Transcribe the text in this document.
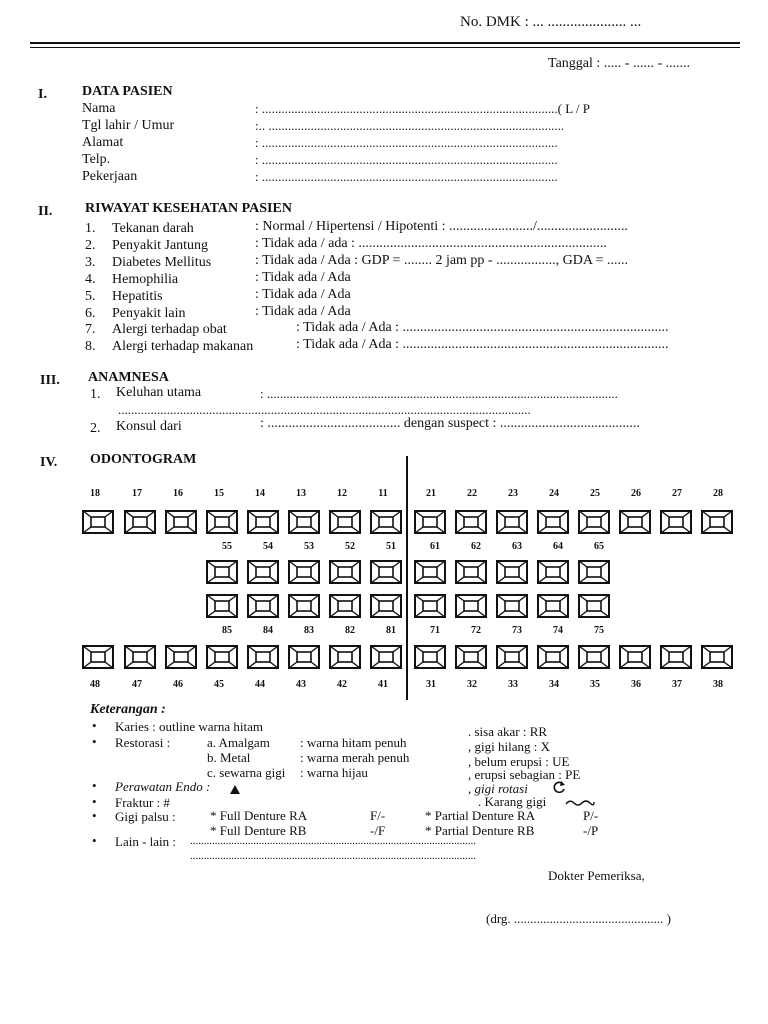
No. DMK : ... ..................... ...
Tanggal : ..... - ...... - .......
I.	DATA PASIEN
Nama	: ...........................................................................................( L / P
Tgl lahir / Umur	:.. ...........................................................................................
Alamat	: ...........................................................................................
Telp.	: ...........................................................................................
Pekerjaan	: ...........................................................................................
II. RIWAYAT KESEHATAN PASIEN
1. Tekanan darah	: Normal / Hipertensi / Hipotenti : ......................../..........................
2. Penyakit Jantung	: Tidak ada / ada : .......................................................................
3. Diabetes Mellitus	: Tidak ada / Ada : GDP = ........ 2 jam pp - ................., GDA = ......
4. Hemophilia	: Tidak ada / Ada
5. Hepatitis	: Tidak ada / Ada
6. Penyakit lain	: Tidak ada / Ada
7. Alergi terhadap obat	: Tidak ada / Ada : ............................................................................
8. Alergi terhadap makanan	: Tidak ada / Ada : ............................................................................
III. ANAMNESA
1. Keluhan utama	: ............................................................................................................
...............................................................................................................................
2. Konsul dari	: ...................................... dengan suspect : ........................................
IV. ODONTOGRAM
18	17	16	15	14	13	12	11	21	22	23	24	25	26	27	28
55	54	53	52	51	61	62	63	64	65
85	84	83	82	81	71	72	73	74	75
48	47	46	45	44	43	42	41	31	32	33	34	35	36	37	38
Keterangan :
• Karies : outline warna hitam
• Restorasi :	a. Amalgam : warna hitam penuh
b. Metal	: warna merah penuh
c. sewarna gigi : warna hijau
• Perawatan Endo :
• Fraktur : #
• Gigi palsu :	* Full Denture RA	F/-
* Full Denture RB	-/F
* Partial Denture RA	P/-
* Partial Denture RB	-/P
. sisa akar : RR
, gigi hilang : X
, belum erupsi : UE
, erupsi sebagian : PE
, gigi rotasi
. Karang gigi
• Lain - lain : ........................................................................................................
........................................................................................................
Dokter Pemeriksa,
(drg. .............................................. )
